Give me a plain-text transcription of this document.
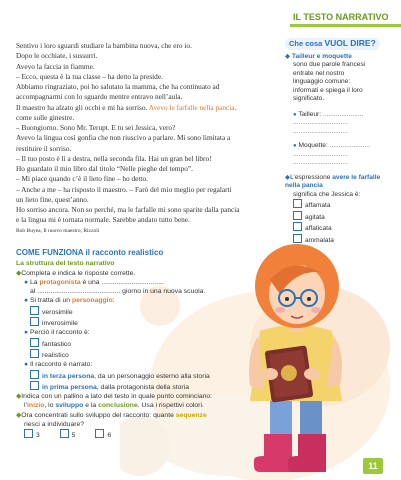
IL TESTO NARRATIVO

Sentivo i loro sguardi studiare la bambina nuova, che ero io.

Dopo le occhiate, i sussurri.

Avevo la faccia in fiamme.

– Ecco, questa è la tua classe – ha detto la preside.

Abbiamo ringraziato, poi ho salutato la mamma, che ha continuato ad

accompagnarmi con lo sguardo mentre entravo nell’aula.

Il maestro ha alzato gli occhi e mi ha sorriso. Avevo le farfalle nella pancia,

come sulle ginestre.

– Buongiorno. Sono Mr. Terupt. E tu sei Jessica, vero?

Avevo la lingua così gonfia che non riuscivo a parlare. Mi sono limitata a

restituire il sorriso.

– Il tuo posto è lì a destra, nella seconda fila. Hai un gran bel libro!

Ho guardato il mio libro dal titolo “Nelle pieghe del tempo”.

– Mi piace quando c’è il lieto fine – ho detto.

– Anche a me – ha risposto il maestro. – Farò del mio meglio per regalarti

un lieto fine, quest’anno.

Ho sorriso ancora. Non so perché, ma le farfalle mi sono sparite dalla pancia

e la lingua mi è tornata normale. Sarebbe andato tutto bene.

Rob Buyea, Il nuovo maestro, Rizzoli

Che cosa VUOL DIRE?
◆ Tailleur e moquette
sono due parole francesi
entrate nel nostro
linguaggio comune:
informati e spiega il loro
significato.
● Tailleur: ......................
..............................
..............................
● Moquette: ......................
..............................
..............................
◆L’espressione avere le farfalle nella pancia
significa che Jessica è:
affamata
agitata
affaticata
ammalata
COME FUNZIONA il racconto realistico
La struttura del testo narrativo
◆Completa e indica le risposte corrette.
● La protagonista è una .................................
al ............................................ giorno in una nuova scuola.
● Si tratta di un personaggio:
verosimile
inverosimile
● Perciò il racconto è:
fantastico
realistico
● Il racconto è narrato:
in terza persona, da un personaggio esterno alla storia
in prima persona, dalla protagonista della storia
◆Indica con un pallino a lato del testo in quale punto cominciano:
l’inizio, lo sviluppo e la conclusione. Usa i rispettivi colori.
◆Ora concentrati sullo sviluppo del racconto: quante sequenze
riesci a individuare?
3	5	6
11
